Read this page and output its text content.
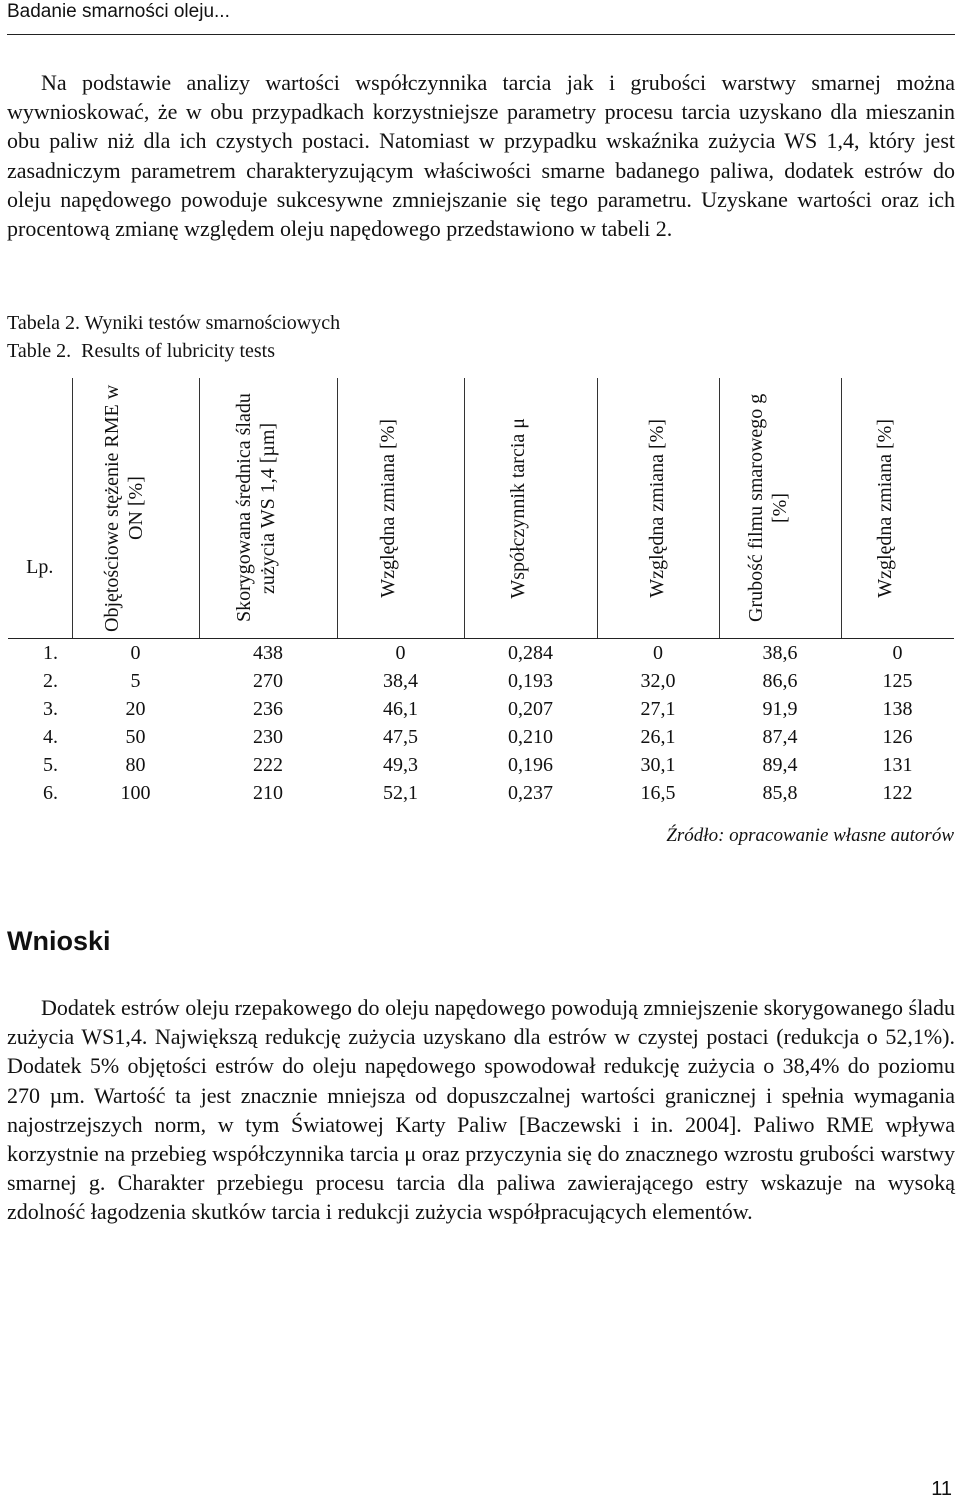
Badanie smarności oleju...

Na podstawie analizy wartości współczynnika tarcia jak i grubości warstwy smarnej można wywnioskować, że w obu przypadkach korzystniejsze parametry procesu tarcia uzyskano dla mieszanin obu paliw niż dla ich czystych postaci. Natomiast w przypadku wskaźnika zużycia WS 1,4, który jest zasadniczym parametrem charakteryzującym właściwości smarne badanego paliwa, dodatek estrów do oleju napędowego powoduje sukcesywne zmniejszanie się tego parametru. Uzyskane wartości oraz ich procentową zmianę względem oleju napędowego przedstawiono w tabeli 2.

Tabela 2. Wyniki testów smarnościowych
Table 2.  Results of lubricity tests
Lp.	Objętościowe stężenie RME w ON [%]	Skorygowana średnica śladu zużycia WS 1,4 [µm]	Względna zmiana [%]	Współczynnik tarcia μ	Względna zmiana [%]	Grubość filmu smarowego g [%]	Względna zmiana [%]

1.	0	438	0	0,284	0	38,6	0
2.	5	270	38,4	0,193	32,0	86,6	125
3.	20	236	46,1	0,207	27,1	91,9	138
4.	50	230	47,5	0,210	26,1	87,4	126
5.	80	222	49,3	0,196	30,1	89,4	131
6.	100	210	52,1	0,237	16,5	85,8	122
Źródło: opracowanie własne autorów
Wnioski

Dodatek estrów oleju rzepakowego do oleju napędowego powodują zmniejszenie skorygowanego śladu zużycia WS1,4. Największą redukcję zużycia uzyskano dla estrów w czystej postaci (redukcja o 52,1%). Dodatek 5% objętości estrów do oleju napędowego spowodował redukcję zużycia o 38,4% do poziomu 270 µm. Wartość ta jest znacznie mniejsza od dopuszczalnej wartości granicznej i spełnia wymagania najostrzejszych norm, w tym Światowej Karty Paliw [Baczewski i in. 2004]. Paliwo RME wpływa korzystnie na przebieg współczynnika tarcia μ oraz przyczynia się do znacznego wzrostu grubości warstwy smarnej g. Charakter przebiegu procesu tarcia dla paliwa zawierającego estry wskazuje na wysoką zdolność łagodzenia skutków tarcia i redukcji zużycia współpracujących elementów.

11
